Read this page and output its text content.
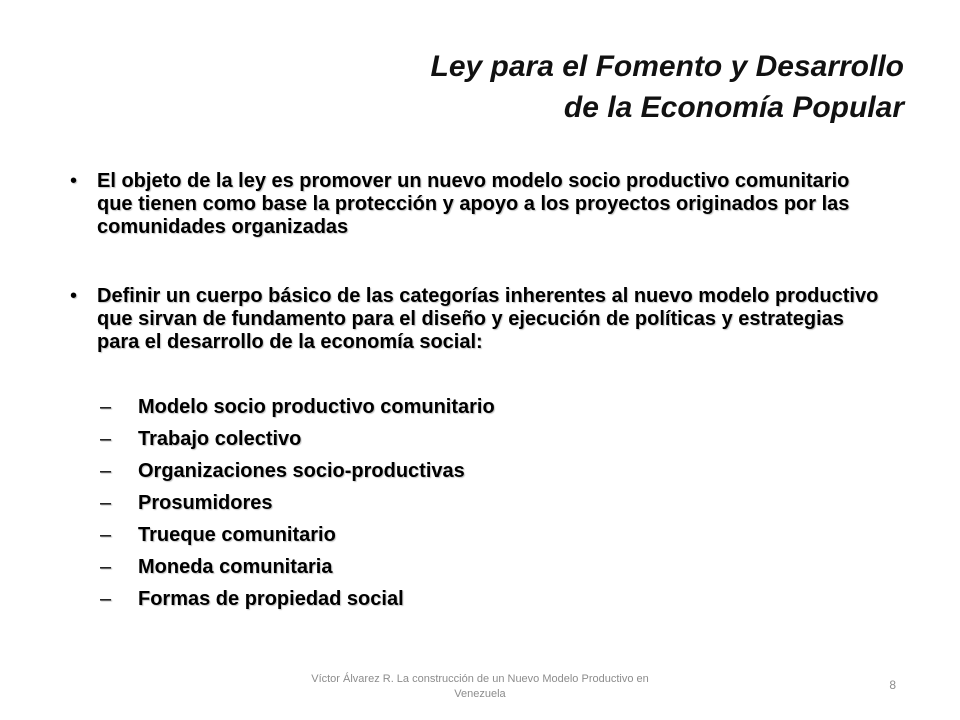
Ley para el Fomento y Desarrollo
de la Economía Popular
• El objeto de la ley es promover un nuevo modelo socio productivo comunitario que tienen como base la protección y apoyo a los proyectos originados por las comunidades organizadas
• Definir un cuerpo básico de las categorías inherentes al nuevo modelo productivo que sirvan de fundamento para el diseño y ejecución de políticas y estrategias para el desarrollo de la economía social:
– Modelo socio productivo comunitario
– Trabajo colectivo
– Organizaciones socio-productivas
– Prosumidores
– Trueque comunitario
– Moneda comunitaria
– Formas de propiedad social
Víctor Álvarez R. La construcción de un Nuevo Modelo Productivo en Venezuela
8
